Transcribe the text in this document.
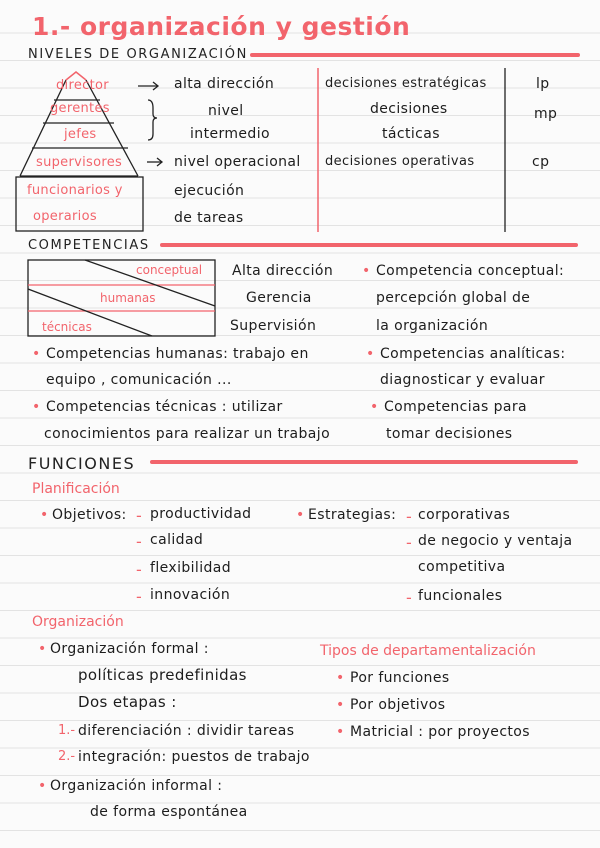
1.- organización y gestión
NIVELES DE ORGANIZACIÓN
director
gerentes
jefes
supervisores
funcionarios y
operarios
alta dirección
nivel
intermedio
nivel operacional
ejecución
de tareas
decisiones estratégicas
decisiones
tácticas
decisiones operativas
lp
mp
cp
COMPETENCIAS
conceptual
humanas
técnicas
Alta dirección
Gerencia
Supervisión
• Competencia conceptual:
percepción global de
la organización
• Competencias humanas: trabajo en
equipo , comunicación ...
• Competencias analíticas:
diagnosticar y evaluar
• Competencias técnicas : utilizar
conocimientos para realizar un trabajo
• Competencias para
tomar decisiones
FUNCIONES
Planificación
• Objetivos: - productividad
- calidad
- flexibilidad
- innovación
• Estrategias: - corporativas
- de negocio y ventaja
competitiva
- funcionales
Organización
• Organización formal :
políticas predefinidas
Dos etapas :
1.- diferenciación : dividir tareas
2.- integración: puestos de trabajo
• Organización informal :
de forma espontánea
Tipos de departamentalización
• Por funciones
• Por objetivos
• Matricial : por proyectos
